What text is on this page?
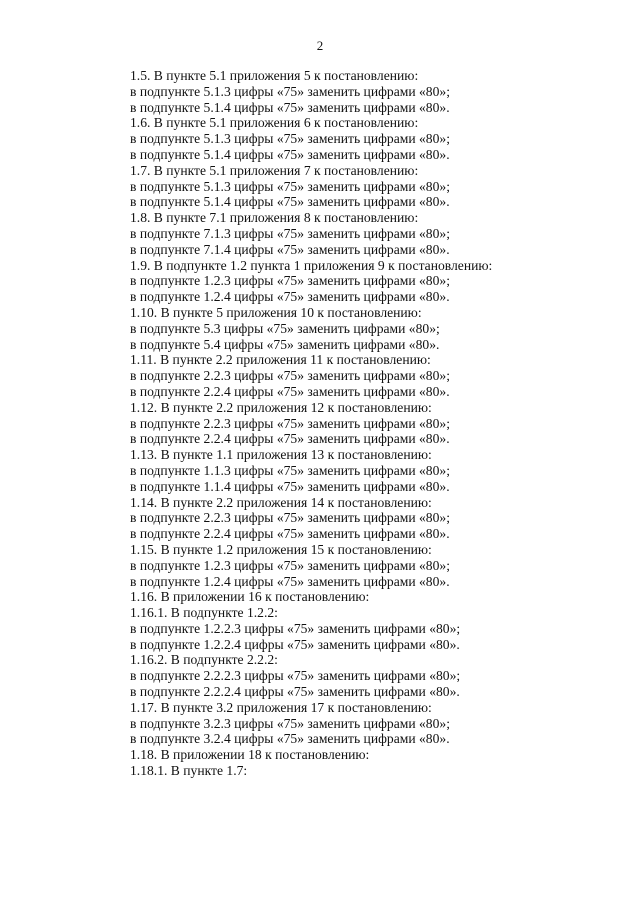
2

1.5. В пункте 5.1 приложения 5 к постановлению:

в подпункте 5.1.3 цифры «75» заменить цифрами «80»;

в подпункте 5.1.4 цифры «75» заменить цифрами «80».

1.6. В пункте 5.1 приложения 6 к постановлению:

в подпункте 5.1.3 цифры «75» заменить цифрами «80»;

в подпункте 5.1.4 цифры «75» заменить цифрами «80».

1.7. В пункте 5.1 приложения 7 к постановлению:

в подпункте 5.1.3 цифры «75» заменить цифрами «80»;

в подпункте 5.1.4 цифры «75» заменить цифрами «80».

1.8. В пункте 7.1 приложения 8 к постановлению:

в подпункте 7.1.3 цифры «75» заменить цифрами «80»;

в подпункте 7.1.4 цифры «75» заменить цифрами «80».

1.9. В подпункте 1.2 пункта 1 приложения 9 к постановлению:

в подпункте 1.2.3 цифры «75» заменить цифрами «80»;

в подпункте 1.2.4 цифры «75» заменить цифрами «80».

1.10. В пункте 5 приложения 10 к постановлению:

в подпункте 5.3 цифры «75» заменить цифрами «80»;

в подпункте 5.4 цифры «75» заменить цифрами «80».

1.11. В пункте 2.2 приложения 11 к постановлению:

в подпункте 2.2.3 цифры «75» заменить цифрами «80»;

в подпункте 2.2.4 цифры «75» заменить цифрами «80».

1.12. В пункте 2.2 приложения 12 к постановлению:

в подпункте 2.2.3 цифры «75» заменить цифрами «80»;

в подпункте 2.2.4 цифры «75» заменить цифрами «80».

1.13. В пункте 1.1 приложения 13 к постановлению:

в подпункте 1.1.3 цифры «75» заменить цифрами «80»;

в подпункте 1.1.4 цифры «75» заменить цифрами «80».

1.14. В пункте 2.2 приложения 14 к постановлению:

в подпункте 2.2.3 цифры «75» заменить цифрами «80»;

в подпункте 2.2.4 цифры «75» заменить цифрами «80».

1.15. В пункте 1.2 приложения 15 к постановлению:

в подпункте 1.2.3 цифры «75» заменить цифрами «80»;

в подпункте 1.2.4 цифры «75» заменить цифрами «80».

1.16. В приложении 16 к постановлению:

1.16.1. В подпункте 1.2.2:

в подпункте 1.2.2.3 цифры «75» заменить цифрами «80»;

в подпункте 1.2.2.4 цифры «75» заменить цифрами «80».

1.16.2. В подпункте 2.2.2:

в подпункте 2.2.2.3 цифры «75» заменить цифрами «80»;

в подпункте 2.2.2.4 цифры «75» заменить цифрами «80».

1.17. В пункте 3.2 приложения 17 к постановлению:

в подпункте 3.2.3 цифры «75» заменить цифрами «80»;

в подпункте 3.2.4 цифры «75» заменить цифрами «80».

1.18. В приложении 18 к постановлению:

1.18.1. В пункте 1.7:
